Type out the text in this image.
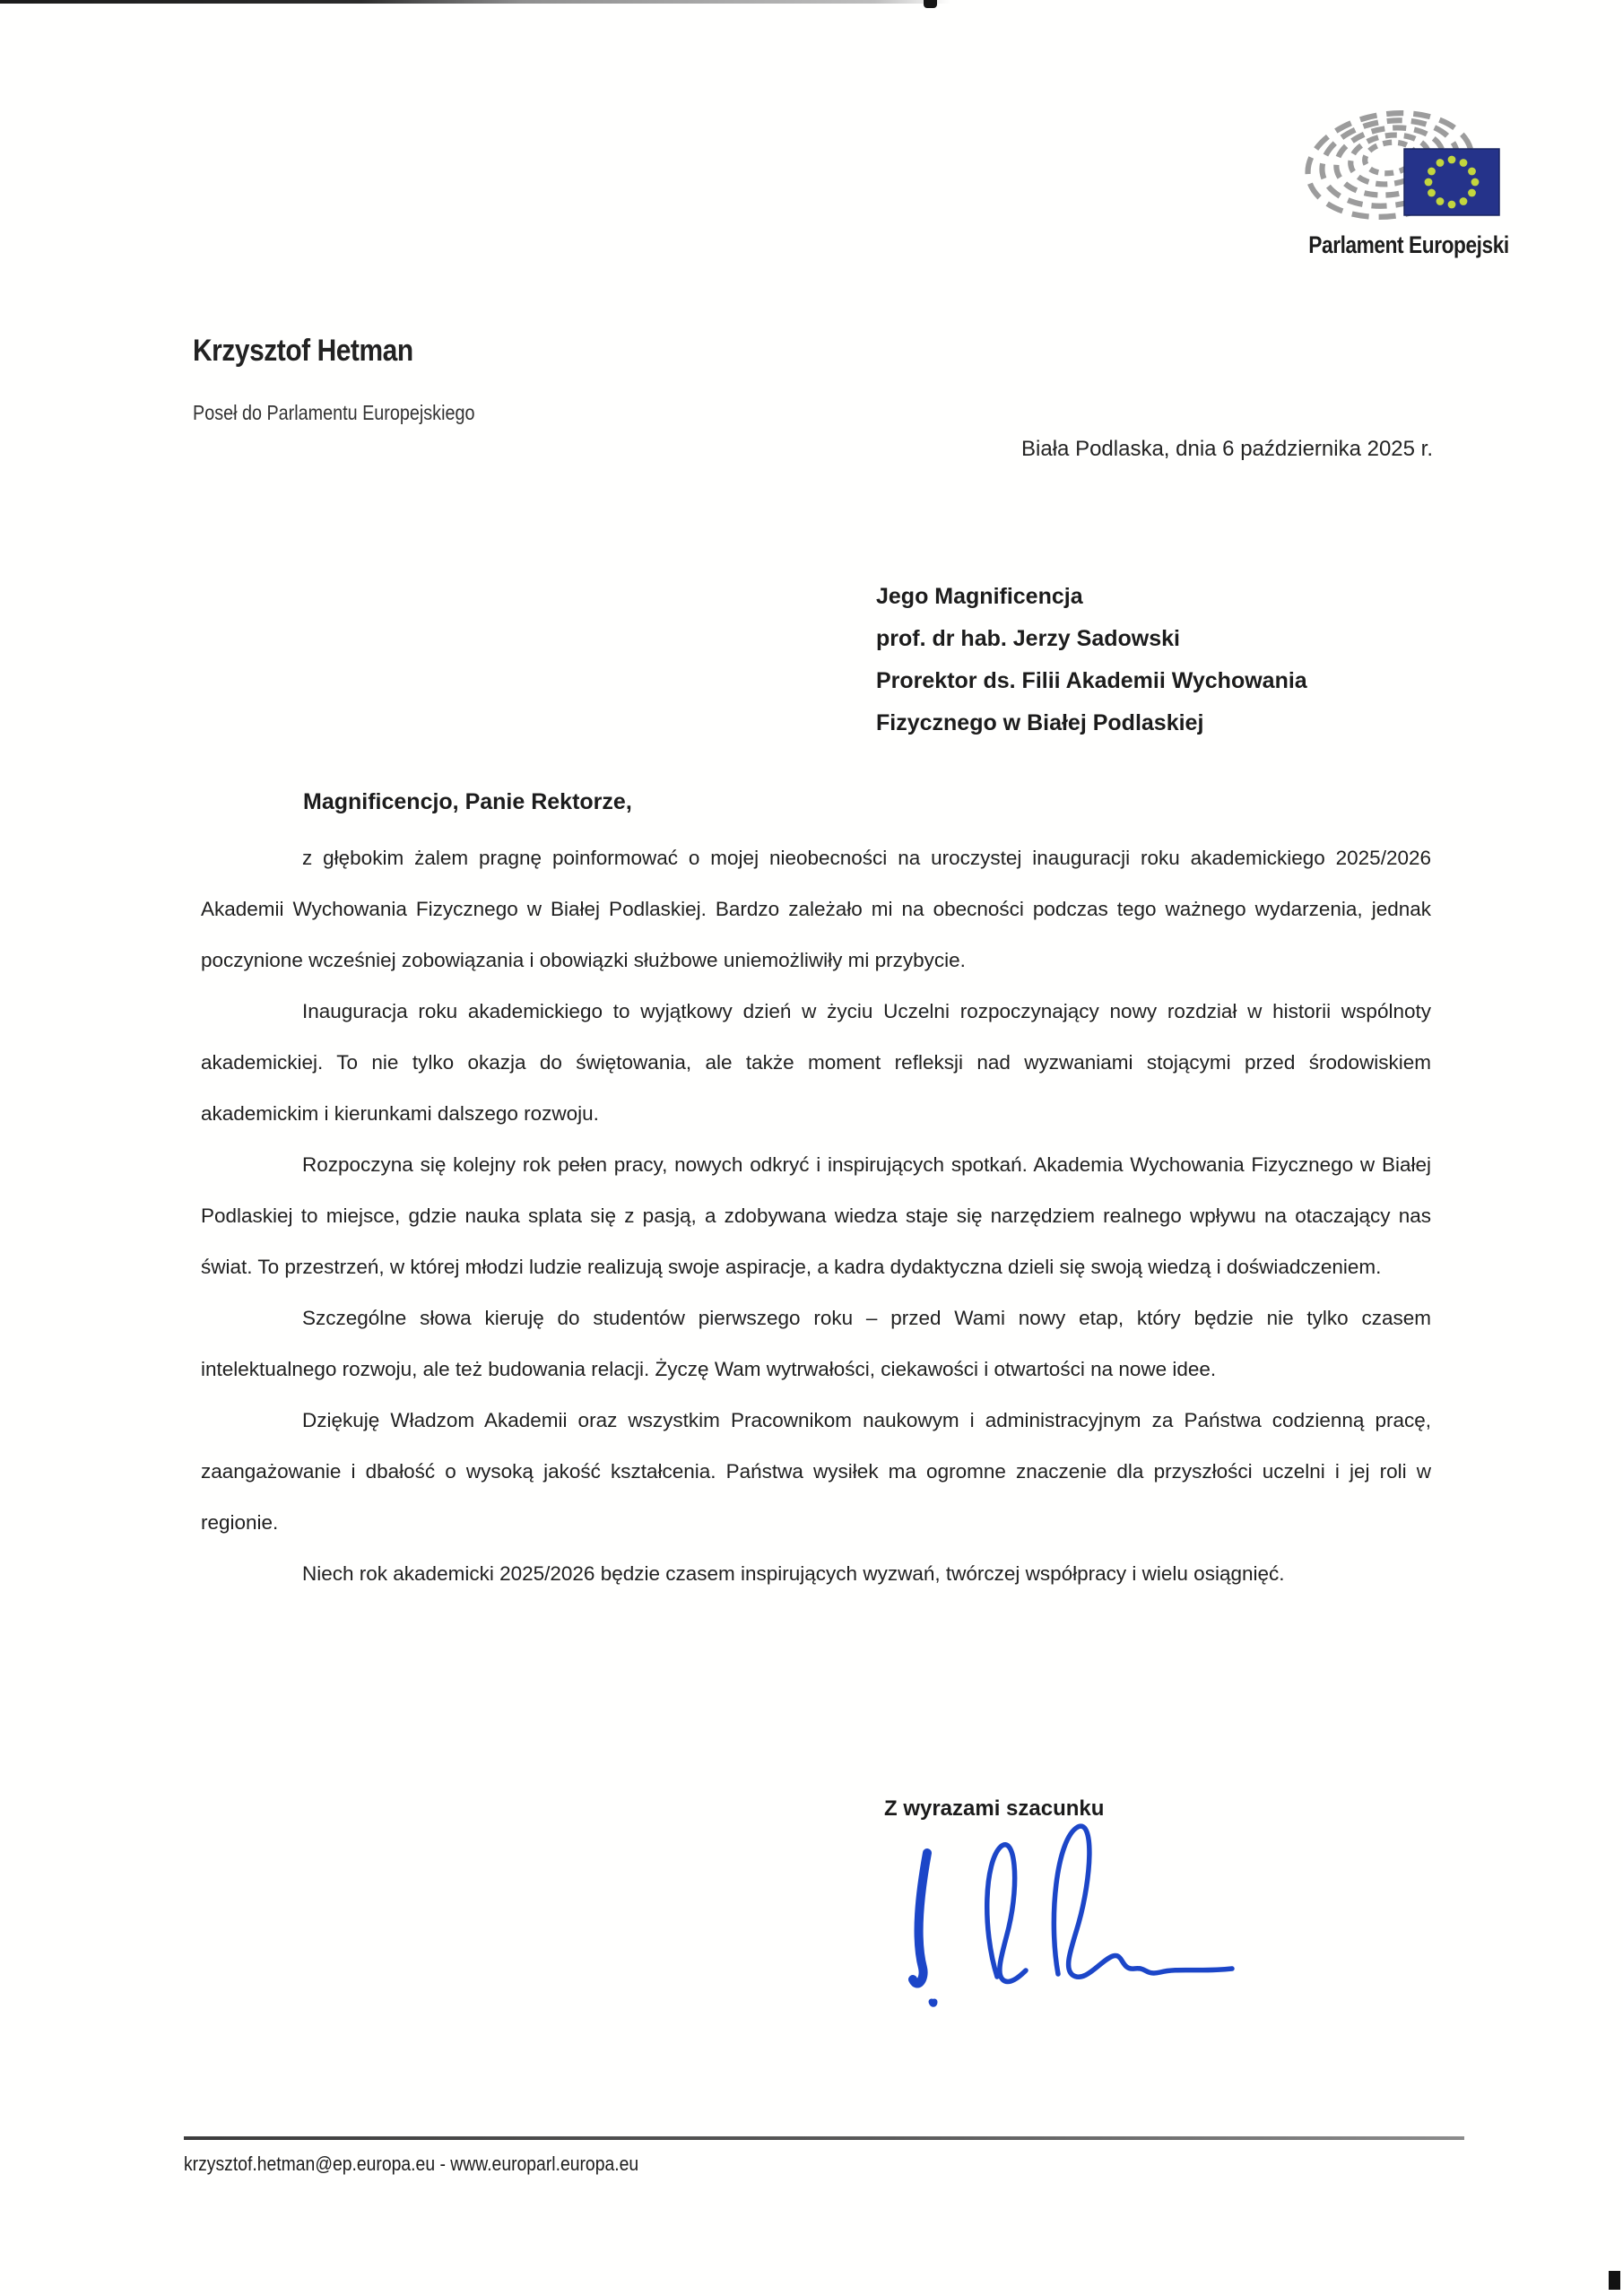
Parlament Europejski
Krzysztof Hetman
Poseł do Parlamentu Europejskiego
Biała Podlaska, dnia 6 października 2025 r.
Jego Magnificencja
prof. dr hab. Jerzy Sadowski
Prorektor ds. Filii Akademii Wychowania
Fizycznego w Białej Podlaskiej
Magnificencjo, Panie Rektorze,

z głębokim żalem pragnę poinformować o mojej nieobecności na uroczystej inauguracji roku akademickiego 2025/2026 Akademii Wychowania Fizycznego w Białej Podlaskiej. Bardzo zależało mi na obecności podczas tego ważnego wydarzenia, jednak poczynione wcześniej zobowiązania i obowiązki służbowe uniemożliwiły mi przybycie.

Inauguracja roku akademickiego to wyjątkowy dzień w życiu Uczelni rozpoczynający nowy rozdział w historii wspólnoty akademickiej. To nie tylko okazja do świętowania, ale także moment refleksji nad wyzwaniami stojącymi przed środowiskiem akademickim i kierunkami dalszego rozwoju.

Rozpoczyna się kolejny rok pełen pracy, nowych odkryć i inspirujących spotkań. Akademia Wychowania Fizycznego w Białej Podlaskiej to miejsce, gdzie nauka splata się z pasją, a zdobywana wiedza staje się narzędziem realnego wpływu na otaczający nas świat. To przestrzeń, w której młodzi ludzie realizują swoje aspiracje, a kadra dydaktyczna dzieli się swoją wiedzą i doświadczeniem.

Szczególne słowa kieruję do studentów pierwszego roku – przed Wami nowy etap, który będzie nie tylko czasem intelektualnego rozwoju, ale też budowania relacji. Życzę Wam wytrwałości, ciekawości i otwartości na nowe idee.

Dziękuję Władzom Akademii oraz wszystkim Pracownikom naukowym i administracyjnym za Państwa codzienną pracę, zaangażowanie i dbałość o wysoką jakość kształcenia. Państwa wysiłek ma ogromne znaczenie dla przyszłości uczelni i jej roli w regionie.

Niech rok akademicki 2025/2026 będzie czasem inspirujących wyzwań, twórczej współpracy i wielu osiągnięć.

Z wyrazami szacunku
krzysztof.hetman@ep.europa.eu - www.europarl.europa.eu
